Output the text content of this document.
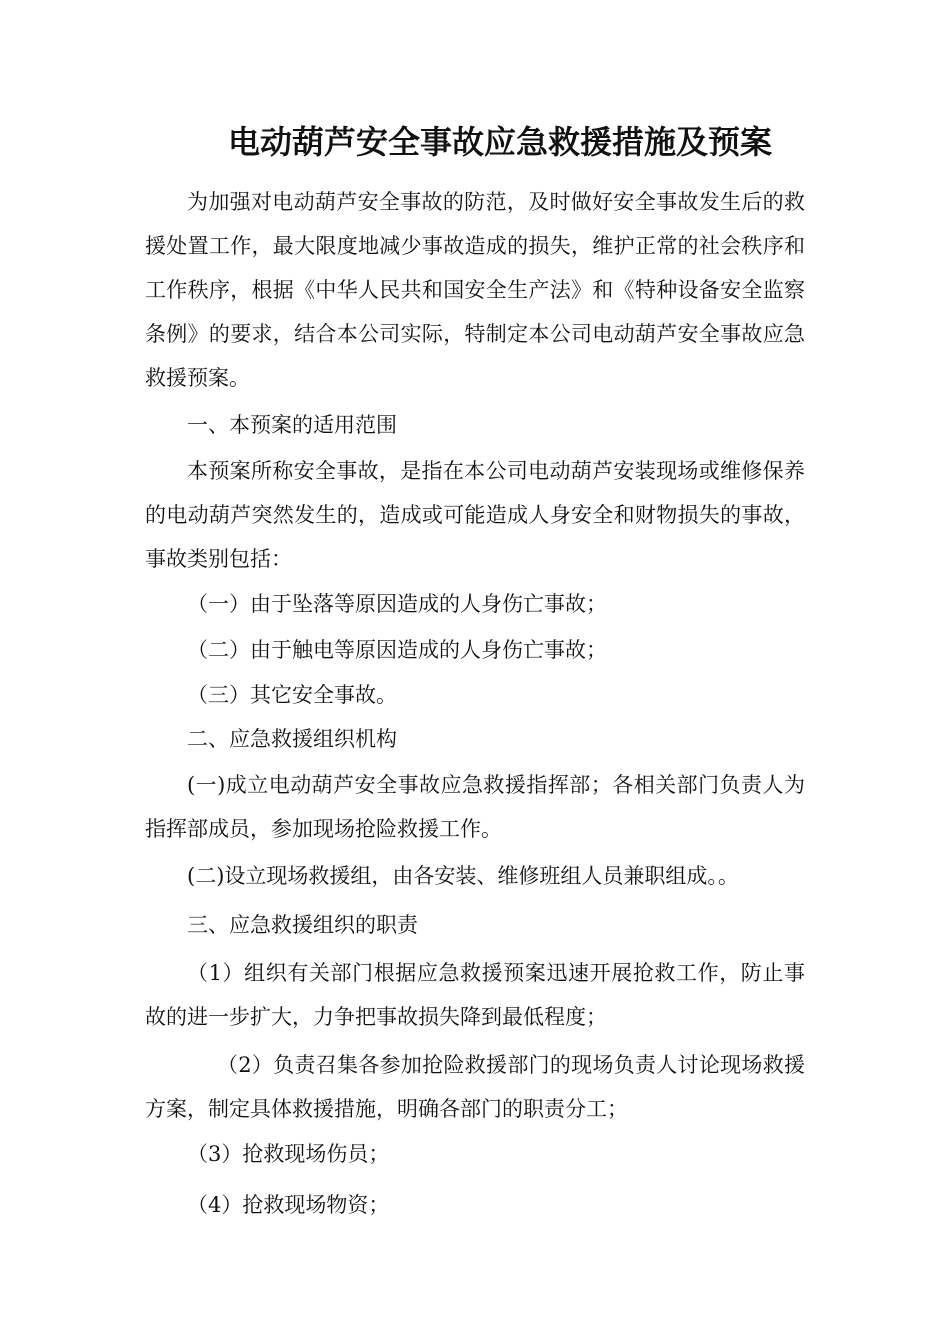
电动葫芦安全事故应急救援措施及预案

为加强对电动葫芦安全事故的防范，及时做好安全事故发生后的救援处置工作，最大限度地减少事故造成的损失，维护正常的社会秩序和工作秩序，根据《中华人民共和国安全生产法》和《特种设备安全监察条例》的要求，结合本公司实际，特制定本公司电动葫芦安全事故应急救援预案。

一、本预案的适用范围

本预案所称安全事故，是指在本公司电动葫芦安装现场或维修保养的电动葫芦突然发生的，造成或可能造成人身安全和财物损失的事故，事故类别包括：

（一）由于坠落等原因造成的人身伤亡事故；

（二）由于触电等原因造成的人身伤亡事故；

（三）其它安全事故。

二、应急救援组织机构

(一)成立电动葫芦安全事故应急救援指挥部；各相关部门负责人为指挥部成员，参加现场抢险救援工作。

(二)设立现场救援组，由各安装、维修班组人员兼职组成。。

三、应急救援组织的职责

（1）组织有关部门根据应急救援预案迅速开展抢救工作，防止事故的进一步扩大，力争把事故损失降到最低程度；

（2）负责召集各参加抢险救援部门的现场负责人讨论现场救援方案，制定具体救援措施，明确各部门的职责分工；

（3）抢救现场伤员；

（4）抢救现场物资；
